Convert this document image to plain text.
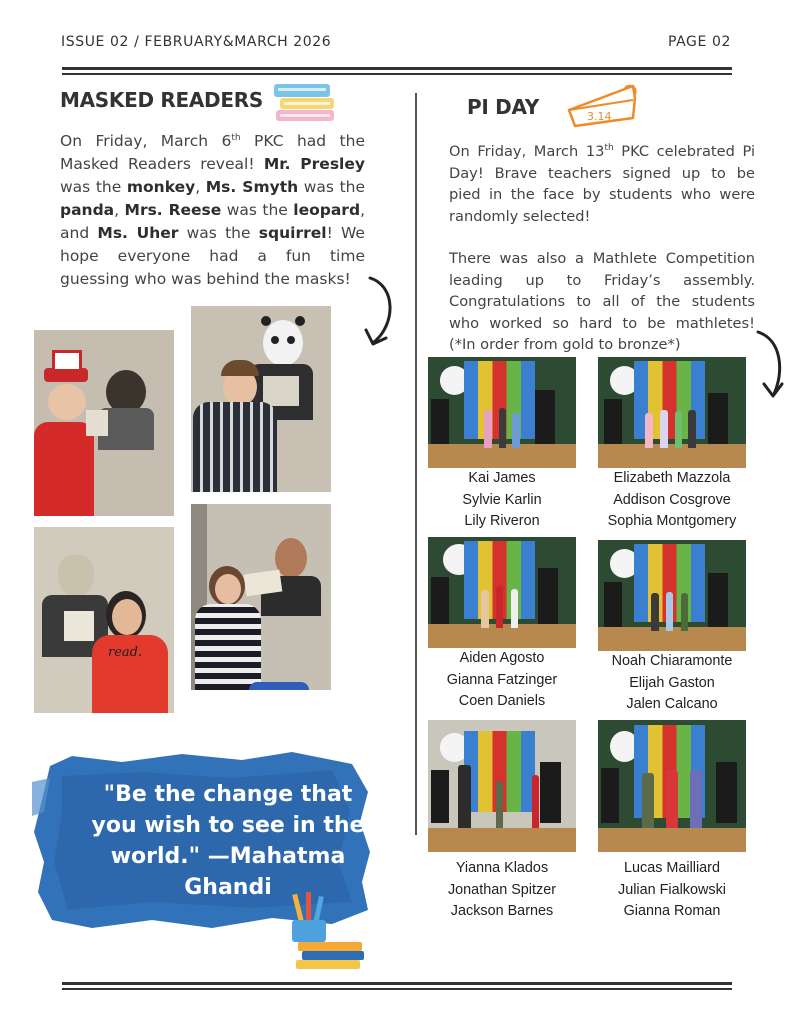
ISSUE 02 / FEBRUARY&MARCH 2026	PAGE 02
MASKED READERS
On Friday, March 6th PKC had the Masked Readers reveal! Mr. Presley was the monkey, Ms. Smyth was the panda, Mrs. Reese was the leopard, and Ms. Uher was the squirrel! We hope everyone had a fun time guessing who was behind the masks!
read.
"Be the change that
you wish to see in the
world." —Mahatma
Ghandi
PI DAY	3.14
On Friday, March 13th PKC celebrated Pi
Day! Brave teachers signed up to be
pied in the face by students who were
randomly selected!
There was also a Mathlete Competition
leading up to Friday’s assembly.
Congratulations to all of the students
who worked so hard to be mathletes!
(*In order from gold to bronze*)
Kai James
Sylvie Karlin
Lily Riveron
Elizabeth Mazzola
Addison Cosgrove
Sophia Montgomery
Aiden Agosto
Gianna Fatzinger
Coen Daniels
Noah Chiaramonte
Elijah Gaston
Jalen Calcano
Yianna Klados
Jonathan Spitzer
Jackson Barnes
Lucas Mailliard
Julian Fialkowski
Gianna Roman
